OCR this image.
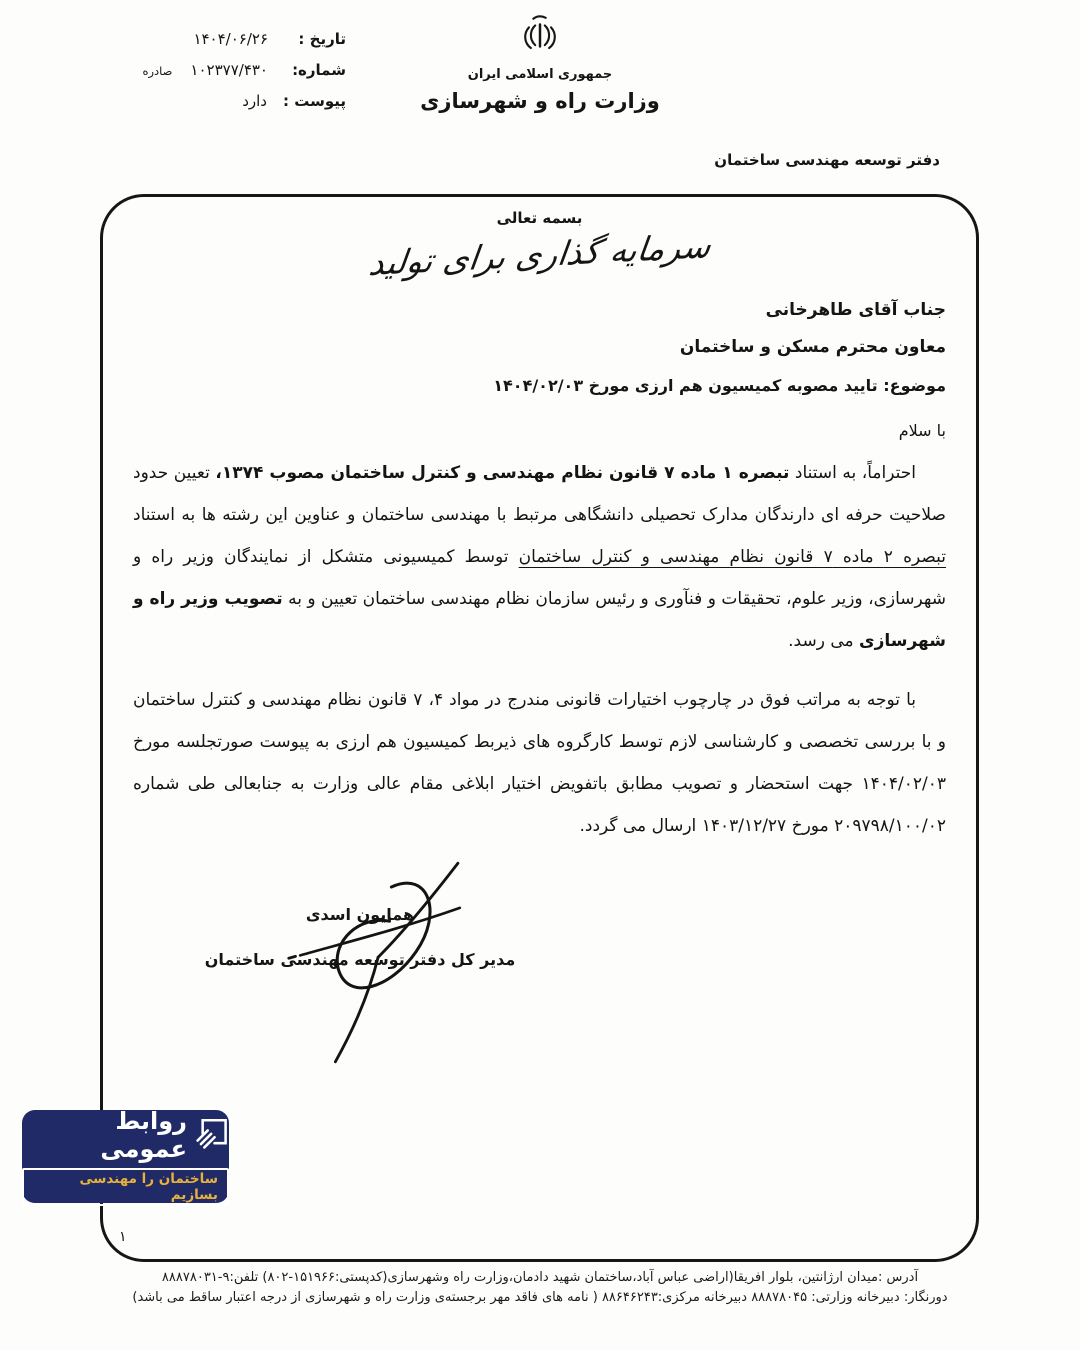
تاریخ :
۱۴۰۴/۰۶/۲۶
شماره:
۱۰۲۳۷۷/۴۳۰
صادره
پیوست :
دارد
جمهوری اسلامی ایران
وزارت راه و شهرسازی
دفتر توسعه مهندسی ساختمان
بسمه تعالی
سرمایه گذاری برای تولید
جناب آقای طاهرخانی
معاون محترم مسکن و ساختمان
موضوع: تایید مصوبه کمیسیون هم ارزی مورخ ۱۴۰۴/۰۲/۰۳
با سلام

احتراماً، به استناد تبصره ۱ ماده ۷ قانون نظام مهندسی و کنترل ساختمان مصوب ۱۳۷۴، تعیین حدود صلاحیت حرفه ای دارندگان مدارک تحصیلی دانشگاهی مرتبط با مهندسی ساختمان و عناوین این رشته ها به استناد تبصره ۲ ماده ۷ قانون نظام مهندسی و کنترل ساختمان توسط کمیسیونی متشکل از نمایندگان وزیر راه و شهرسازی، وزیر علوم، تحقیقات و فنآوری و رئیس سازمان نظام مهندسی ساختمان تعیین و به تصویب وزیر راه و شهرسازی می رسد.

با توجه به مراتب فوق در چارچوب اختیارات قانونی مندرج در مواد ۴، ۷ قانون نظام مهندسی و کنترل ساختمان و با بررسی تخصصی و کارشناسی لازم توسط کارگروه های ذیربط کمیسیون هم ارزی به پیوست صورتجلسه مورخ ۱۴۰۴/۰۲/۰۳ جهت استحضار و تصویب مطابق باتفویض اختیار ابلاغی مقام عالی وزارت به جنابعالی طی شماره ۲۰۹۷۹۸/۱۰۰/۰۲ مورخ ۱۴۰۳/۱۲/۲۷ ارسال می گردد.

همایون اسدی
مدیر کل دفتر توسعه مهندسی ساختمان
۱
روابط عمومی
ساختمان را مهندسی بسازیم
آدرس :میدان ارژانتین، بلوار افریقا(اراضی عباس آباد،ساختمان شهید دادمان،وزارت راه وشهرسازی(کدپستی:۱۵۱۹۶۶-۸۰۲) تلفن:۹-۸۸۸۷۸۰۳۱
دورنگار: دبیرخانه وزارتی: ۸۸۸۷۸۰۴۵ دبیرخانه مرکزی:۸۸۶۴۶۲۴۳ ( نامه های فاقد مهر برجسته‌ی وزارت راه و شهرسازی از درجه اعتبار ساقط می باشد)
